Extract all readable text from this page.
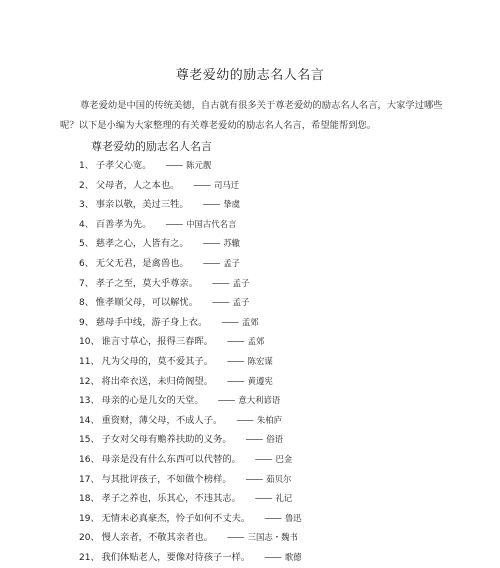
尊老爱幼的励志名人名言
尊老爱幼是中国的传统美德，自古就有很多关于尊老爱幼的励志名人名言，大家学过哪些呢？以下是小编为大家整理的有关尊老爱幼的励志名人名言，希望能帮到您。
尊老爱幼的励志名人名言
1、 子孝父心宽。 —— 陈元靓
2、 父母者，人之本也。 —— 司马迁
3、 事亲以敬，美过三牲。 —— 挚虞
4、 百善孝为先。 —— 中国古代名言
5、 慈孝之心，人皆有之。 —— 苏辙
6、 无父无君，是禽兽也。 —— 孟子
7、 孝子之至，莫大乎尊亲。 —— 孟子
8、 惟孝顺父母，可以解忧。 —— 孟子
9、 慈母手中线，游子身上衣。 —— 孟郊
10、 谁言寸草心，报得三春晖。 —— 孟郊
11、 凡为父母的，莫不爱其子。 —— 陈宏谋
12、 将出牵衣送，未归倚阁望。 —— 黄遵宪
13、 母亲的心是儿女的天堂。 —— 意大利谚语
14、 重资财，薄父母，不成人子。 —— 朱柏庐
15、 子女对父母有赡养扶助的义务。 —— 俗语
16、 母亲是没有什么东西可以代替的。 —— 巴金
17、 与其批评孩子，不如做个榜样。 —— 茹贝尔
18、 孝子之养也，乐其心，不违其志。 —— 礼记
19、 无情未必真豪杰，怜子如何不丈夫。 —— 鲁迅
20、 慢人亲者，不敬其亲者也。 —— 三国志・魏书
21、 我们体贴老人，要像对待孩子一样。 —— 歌德
